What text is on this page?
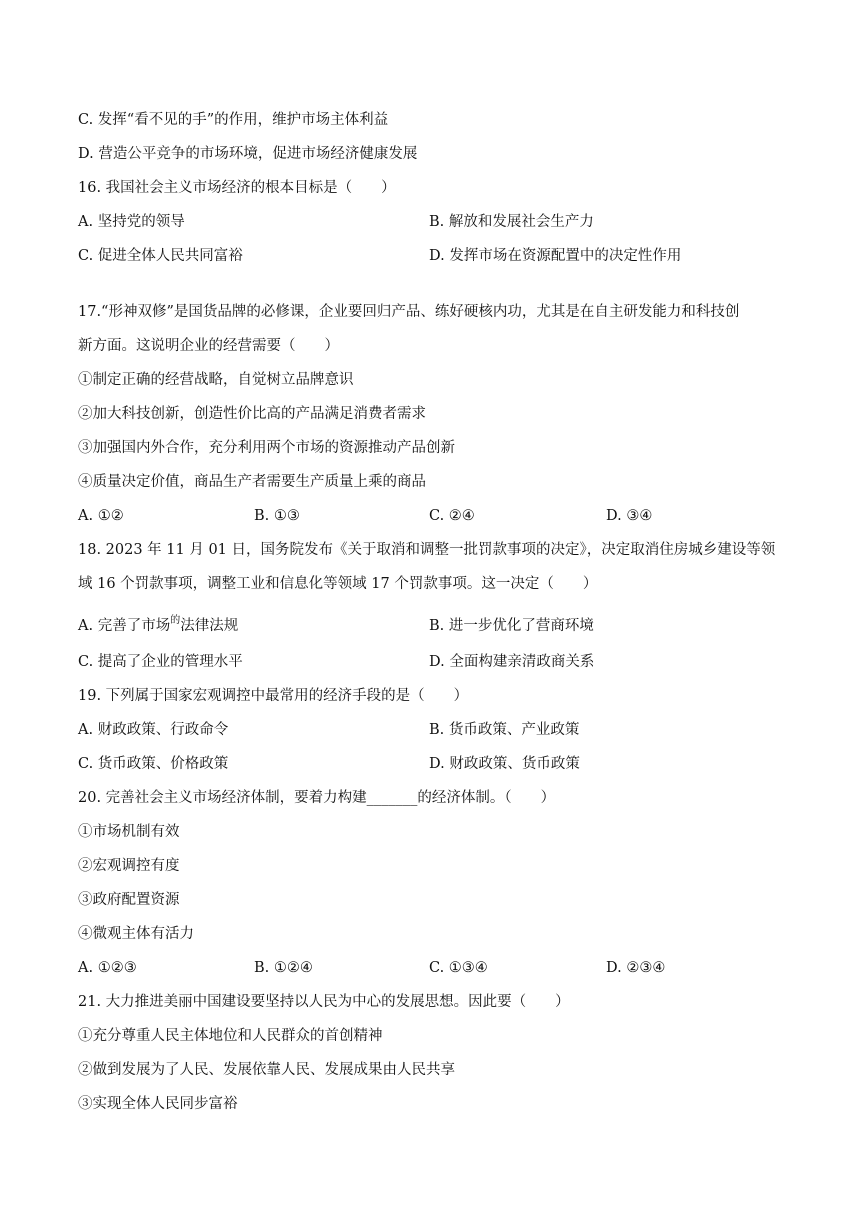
C. 发挥“看不见的手”的作用，维护市场主体利益
D. 营造公平竞争的市场环境，促进市场经济健康发展
16. 我国社会主义市场经济的根本目标是（　　）
A. 坚持党的领导	B. 解放和发展社会生产力
C. 促进全体人民共同富裕	D. 发挥市场在资源配置中的决定性作用
17.“形神双修”是国货品牌的必修课，企业要回归产品、练好硬核内功，尤其是在自主研发能力和科技创
新方面。这说明企业的经营需要（　　）
①制定正确的经营战略，自觉树立品牌意识
②加大科技创新，创造性价比高的产品满足消费者需求
③加强国内外合作，充分利用两个市场的资源推动产品创新
④质量决定价值，商品生产者需要生产质量上乘的商品
A. ①②	B. ①③	C. ②④	D. ③④
18. 2023 年 11 月 01 日，国务院发布《关于取消和调整一批罚款事项的决定》，决定取消住房城乡建设等领
域 16 个罚款事项，调整工业和信息化等领域 17 个罚款事项。这一决定（　　）
A. 完善了市场$^的$法律法规	B. 进一步优化了营商环境
C. 提高了企业的管理水平	D. 全面构建亲清政商关系
19. 下列属于国家宏观调控中最常用的经济手段的是（　　）
A. 财政政策、行政命令	B. 货币政策、产业政策
C. 货币政策、价格政策	D. 财政政策、货币政策
20. 完善社会主义市场经济体制，要着力构建_______的经济体制。（　　）
①市场机制有效
②宏观调控有度
③政府配置资源
④微观主体有活力
A. ①②③	B. ①②④	C. ①③④	D. ②③④
21. 大力推进美丽中国建设要坚持以人民为中心的发展思想。因此要（　　）
①充分尊重人民主体地位和人民群众的首创精神
②做到发展为了人民、发展依靠人民、发展成果由人民共享
③实现全体人民同步富裕
